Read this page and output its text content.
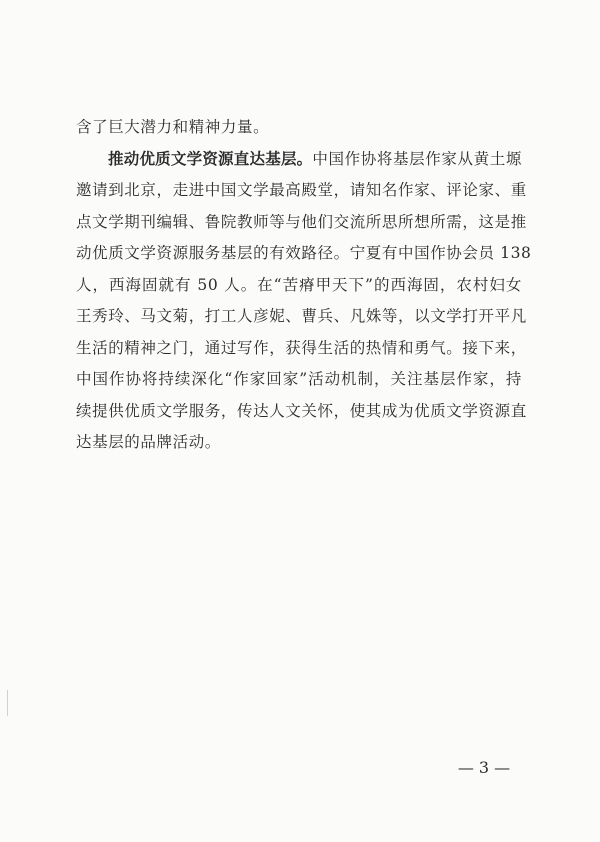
含了巨大潜力和精神力量。
推动优质文学资源直达基层。中国作协将基层作家从黄土塬
邀请到北京，走进中国文学最高殿堂，请知名作家、评论家、重
点文学期刊编辑、鲁院教师等与他们交流所思所想所需，这是推
动优质文学资源服务基层的有效路径。宁夏有中国作协会员 138
人，西海固就有 50 人。在“苦瘠甲天下”的西海固，农村妇女
王秀玲、马文菊，打工人彦妮、曹兵、凡姝等，以文学打开平凡
生活的精神之门，通过写作，获得生活的热情和勇气。接下来，
中国作协将持续深化“作家回家”活动机制，关注基层作家，持
续提供优质文学服务，传达人文关怀，使其成为优质文学资源直
达基层的品牌活动。
— 3 —
